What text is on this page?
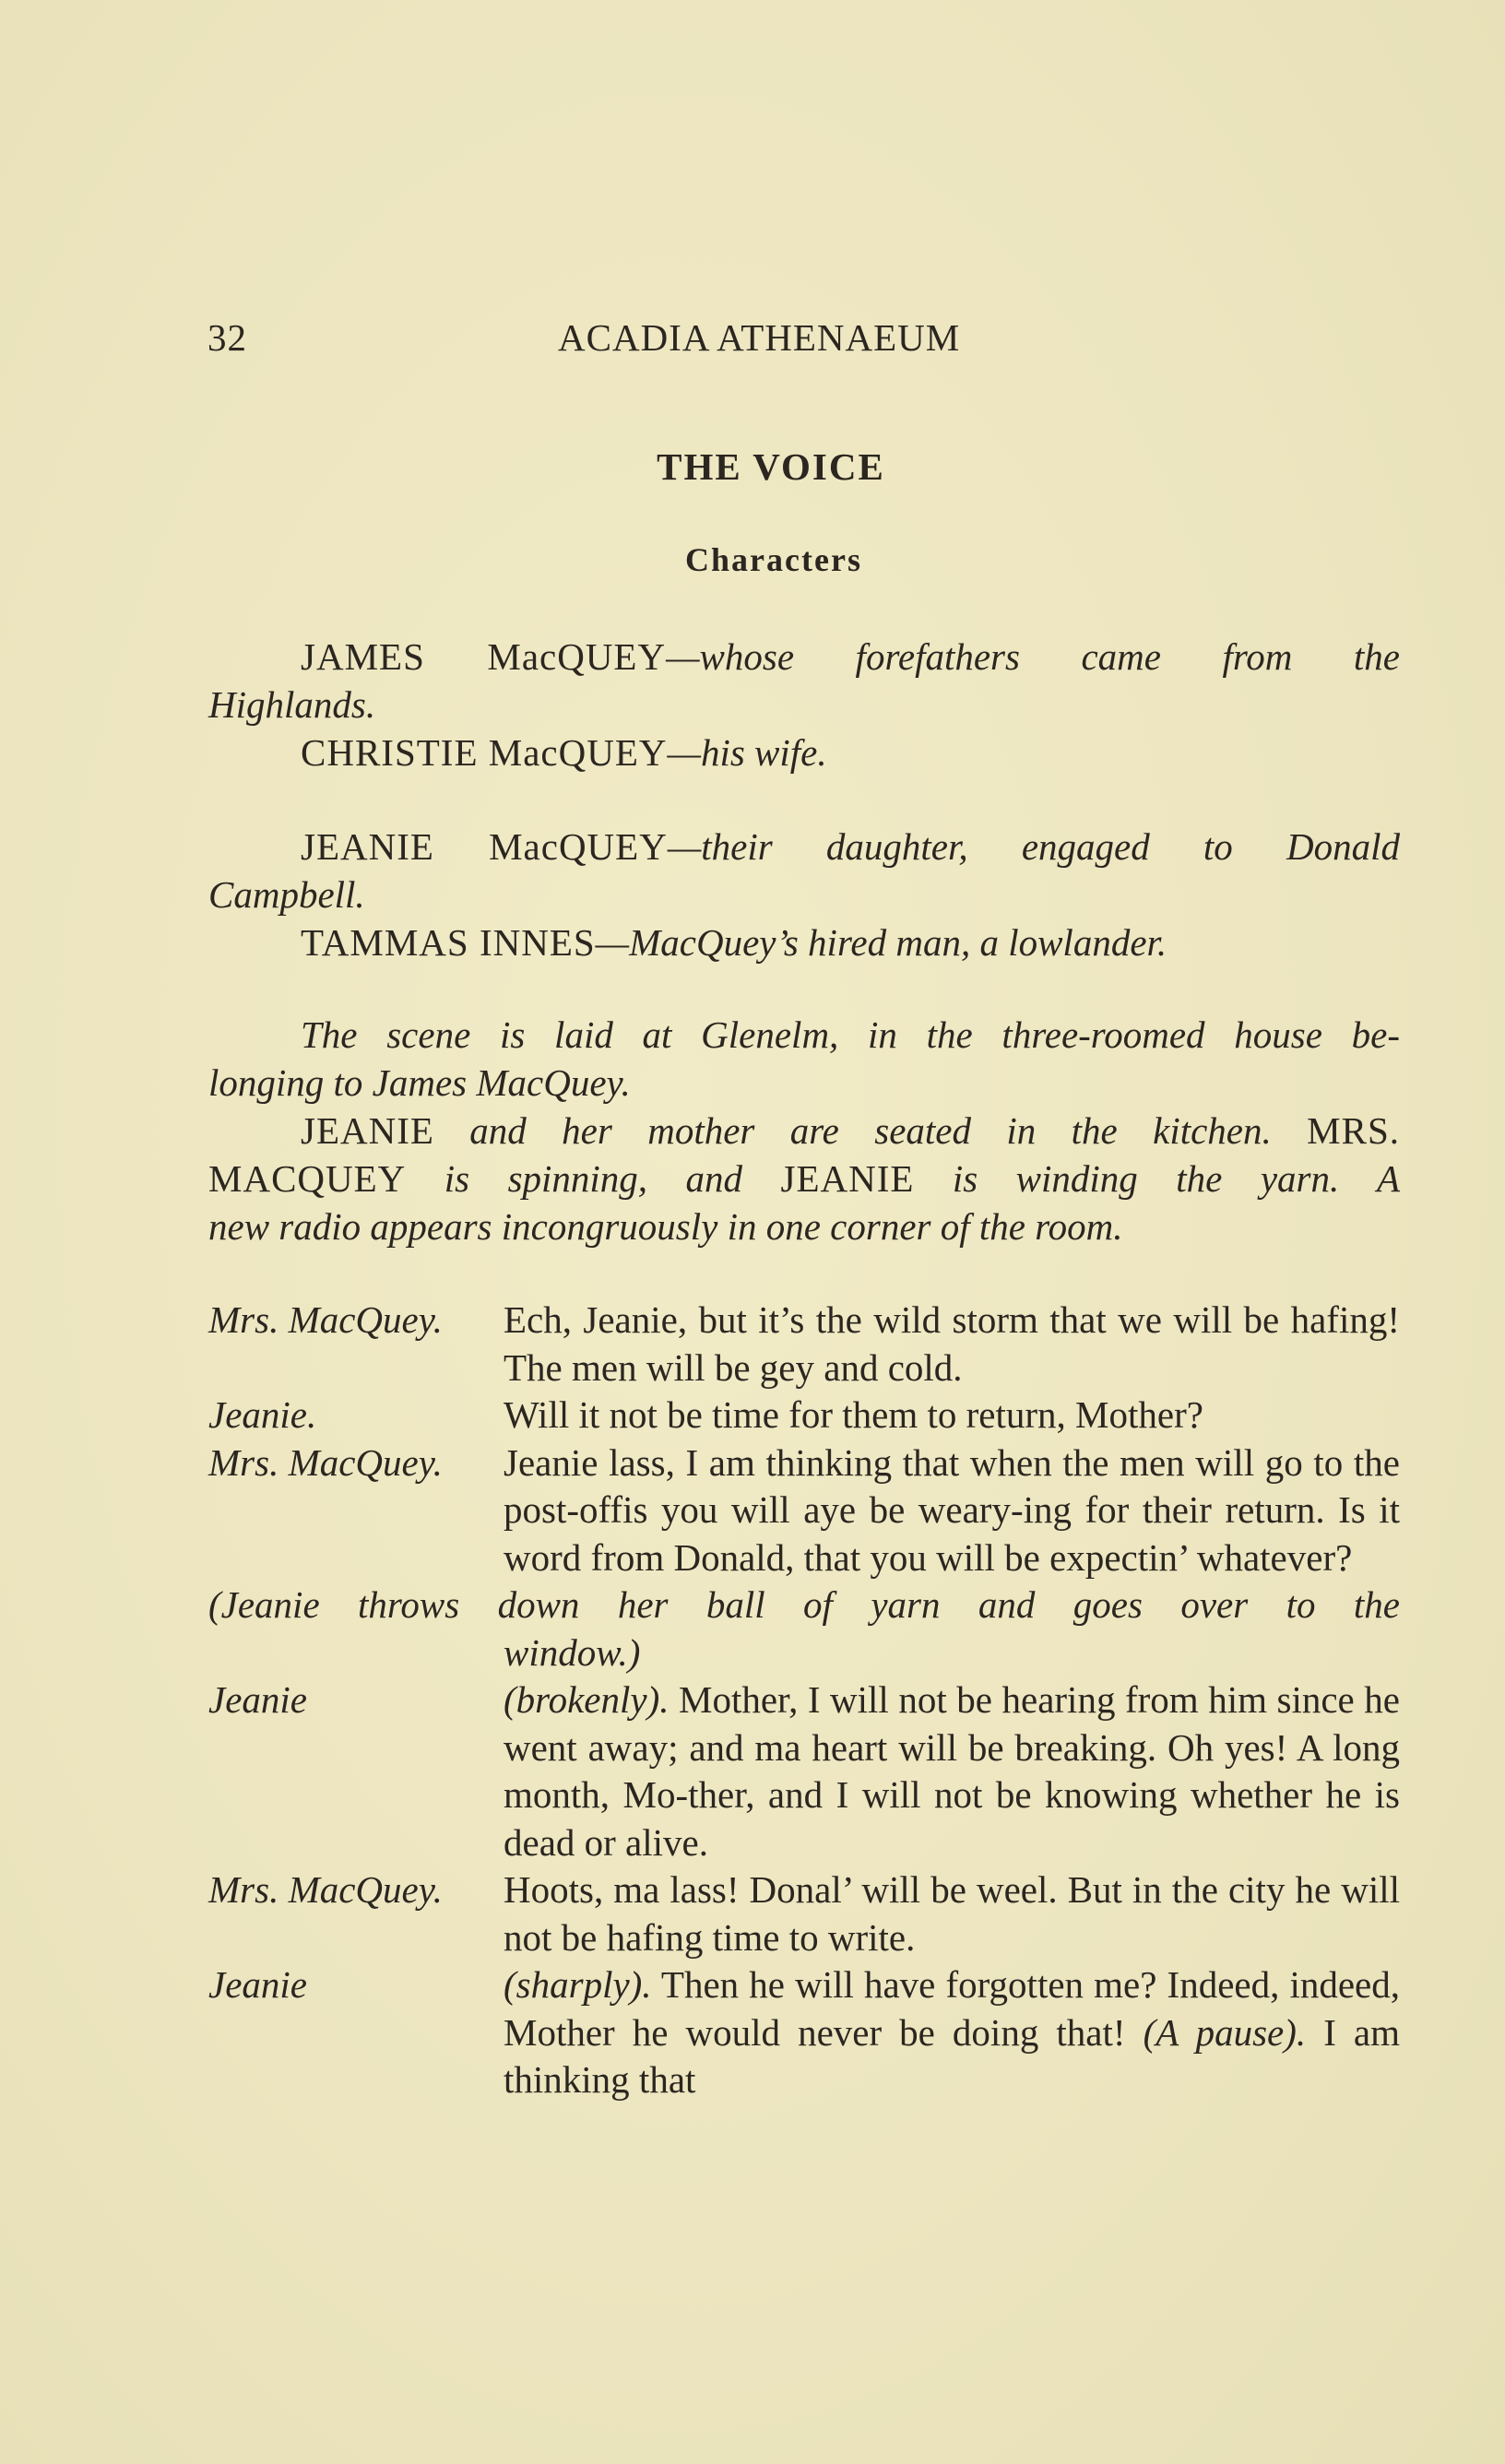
32	ACADIA ATHENAEUM
THE VOICE
Characters
JAMES MacQUEY—whose forefathers came from the
Highlands.
CHRISTIE MacQUEY—his wife.
JEANIE MacQUEY—their daughter, engaged to Donald
Campbell.
TAMMAS INNES—MacQuey’s hired man, a lowlander.

The scene is laid at Glenelm, in the three-roomed house be-

longing to James MacQuey.

JEANIE and her mother are seated in the kitchen. MRS.

MACQUEY is spinning, and JEANIE is winding the yarn. A

new radio appears incongruously in one corner of the room.

Mrs. MacQuey.	Ech, Jeanie, but it’s the wild storm that we will be hafing! The men will be gey and cold.
Jeanie.	Will it not be time for them to return, Mother?
Mrs. MacQuey.	Jeanie lass, I am thinking that when the men will go to the post-offis you will aye be weary-ing for their return. Is it word from Donald, that you will be expectin’ whatever?
(Jeanie throws down her ball of yarn and goes over to the
window.)
Jeanie	(brokenly). Mother, I will not be hearing from him since he went away; and ma heart will be breaking. Oh yes! A long month, Mo-ther, and I will not be knowing whether he is dead or alive.
Mrs. MacQuey.	Hoots, ma lass! Donal’ will be weel. But in the city he will not be hafing time to write.
Jeanie	(sharply). Then he will have forgotten me? Indeed, indeed, Mother he would never be doing that! (A pause). I am thinking that
